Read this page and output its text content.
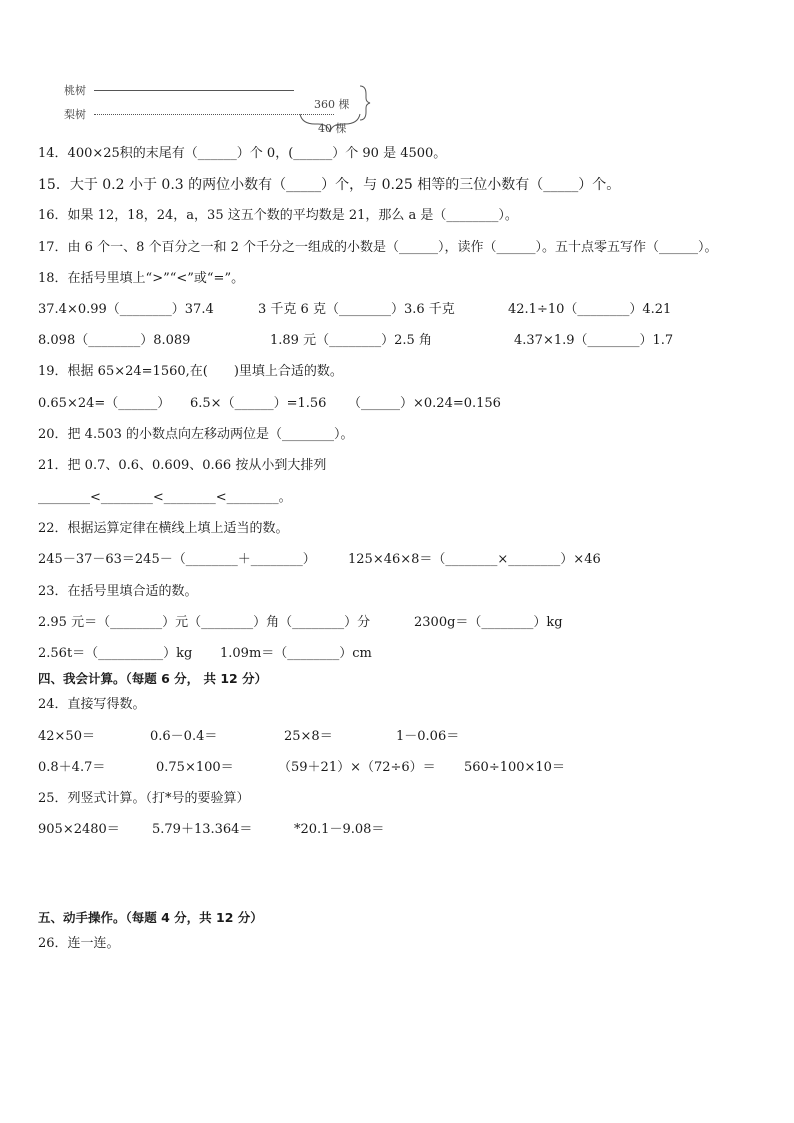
桃树
梨树
40 棵
360 棵
14．400×25积的末尾有（______）个 0，(______）个 90 是 4500。
15．大于 0.2 小于 0.3 的两位小数有（_____）个，与 0.25 相等的三位小数有（_____）个。
16．如果 12，18，24，a，35 这五个数的平均数是 21，那么 a 是（________）。
17．由 6 个一、8 个百分之一和 2 个千分之一组成的小数是（______），读作（______）。五十点零五写作（______）。
18．在括号里填上“>”“<”或“=”。
37.4×0.99（________）37.4	3 千克 6 克（________）3.6 千克	42.1÷10（________）4.21
8.098（________）8.089	1.89 元（________）2.5 角	4.37×1.9（________）1.7
19．根据 65×24=1560,在(　　)里填上合适的数。
0.65×24=（______） 6.5×（______）=1.56 （______）×0.24=0.156
20．把 4.503 的小数点向左移动两位是（________）。
21．把 0.7、0.6、0.609、0.66 按从小到大排列
________<________<________<________。
22．根据运算定律在横线上填上适当的数。
245－37－63＝245－（________＋________） 125×46×8＝（________×________）×46
23．在括号里填合适的数。
2.95 元＝（________）元（________）角（________）分	2300g＝（________）kg
2.56t＝（__________）kg 1.09m＝（________）cm
四、我会计算。（每题 6 分， 共 12 分）
24．直接写得数。
42×50＝	0.6－0.4＝	25×8＝	1－0.06＝
0.8＋4.7＝	0.75×100＝	（59＋21）×（72÷6）＝ 560÷100×10＝
25．列竖式计算。（打*号的要验算）
905×2480＝ 5.79＋13.364＝	*20.1－9.08＝
五、动手操作。（每题 4 分，共 12 分）
26．连一连。
